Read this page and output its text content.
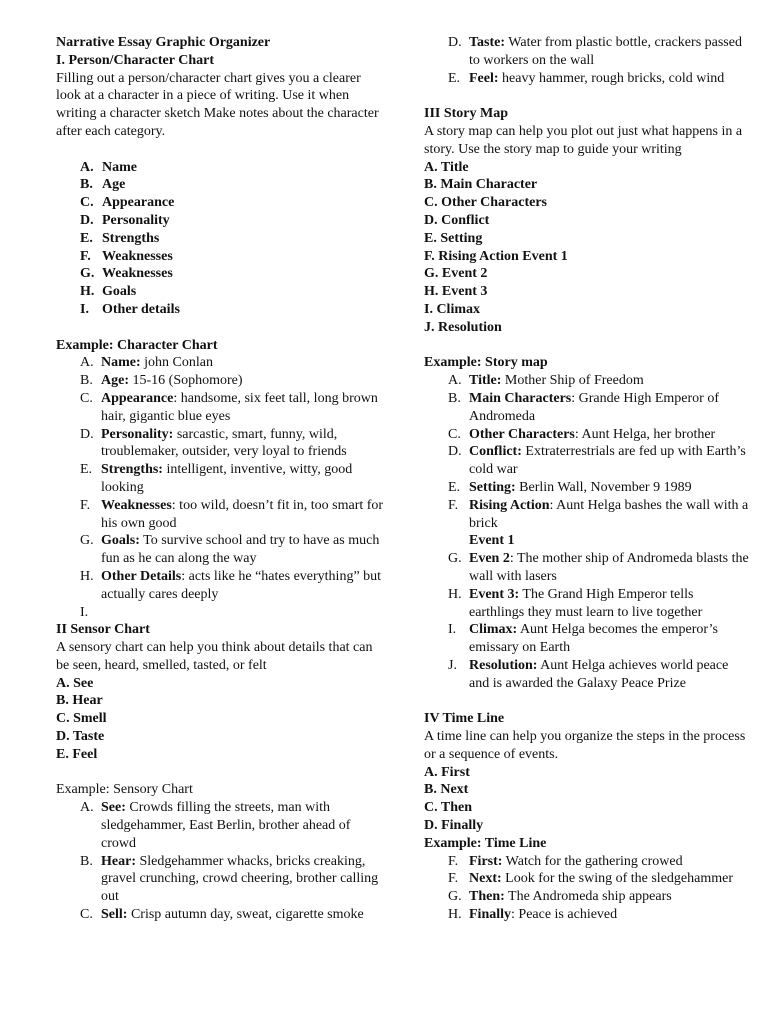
Narrative Essay Graphic Organizer

I. Person/Character Chart

Filling out a person/character chart gives you a clearer look at a character in a piece of writing. Use it when writing a character sketch Make notes about the character after each category.

A. Name
B. Age
C. Appearance
D. Personality
E. Strengths
F. Weaknesses
G. Weaknesses
H. Goals
I. Other details

Example: Character Chart

A. Name: john Conlan
B. Age: 15-16 (Sophomore)
C. Appearance: handsome, six feet tall, long brown hair, gigantic blue eyes
D. Personality: sarcastic, smart, funny, wild, troublemaker, outsider, very loyal to friends
E. Strengths: intelligent, inventive, witty, good looking
F. Weaknesses: too wild, doesn’t fit in, too smart for his own good
G. Goals: To survive school and try to have as much fun as he can along the way
H. Other Details: acts like he “hates everything” but actually cares deeply
I.

II Sensor Chart

A sensory chart can help you think about details that can be seen, heard, smelled, tasted, or felt

A. See
B. Hear
C. Smell
D. Taste
E. Feel

Example: Sensory Chart

A. See: Crowds filling the streets, man with sledgehammer, East Berlin, brother ahead of crowd
B. Hear: Sledgehammer whacks, bricks creaking, gravel crunching, crowd cheering, brother calling out
C. Sell: Crisp autumn day, sweat, cigarette smoke
D. Taste: Water from plastic bottle, crackers passed to workers on the wall
E. Feel: heavy hammer, rough bricks, cold wind

III Story Map

A story map can help you plot out just what happens in a story. Use the story map to guide your writing

A. Title
B. Main Character
C. Other Characters
D. Conflict
E. Setting
F. Rising Action Event 1
G. Event 2
H. Event 3
I. Climax
J. Resolution

Example: Story map

A. Title: Mother Ship of Freedom
B. Main Characters: Grande High Emperor of Andromeda
C. Other Characters: Aunt Helga, her brother
D. Conflict: Extraterrestrials are fed up with Earth’s cold war
E. Setting: Berlin Wall, November 9 1989
F. Rising Action: Aunt Helga bashes the wall with a brick
Event 1
G. Even 2: The mother ship of Andromeda blasts the wall with lasers
H. Event 3: The Grand High Emperor tells earthlings they must learn to live together
I. Climax: Aunt Helga becomes the emperor’s emissary on Earth
J. Resolution: Aunt Helga achieves world peace and is awarded the Galaxy Peace Prize

IV Time Line

A time line can help you organize the steps in the process or a sequence of events.

A. First
B. Next
C. Then
D. Finally

Example: Time Line

F. First: Watch for the gathering crowed
F. Next: Look for the swing of the sledgehammer
G. Then: The Andromeda ship appears
H. Finally: Peace is achieved
